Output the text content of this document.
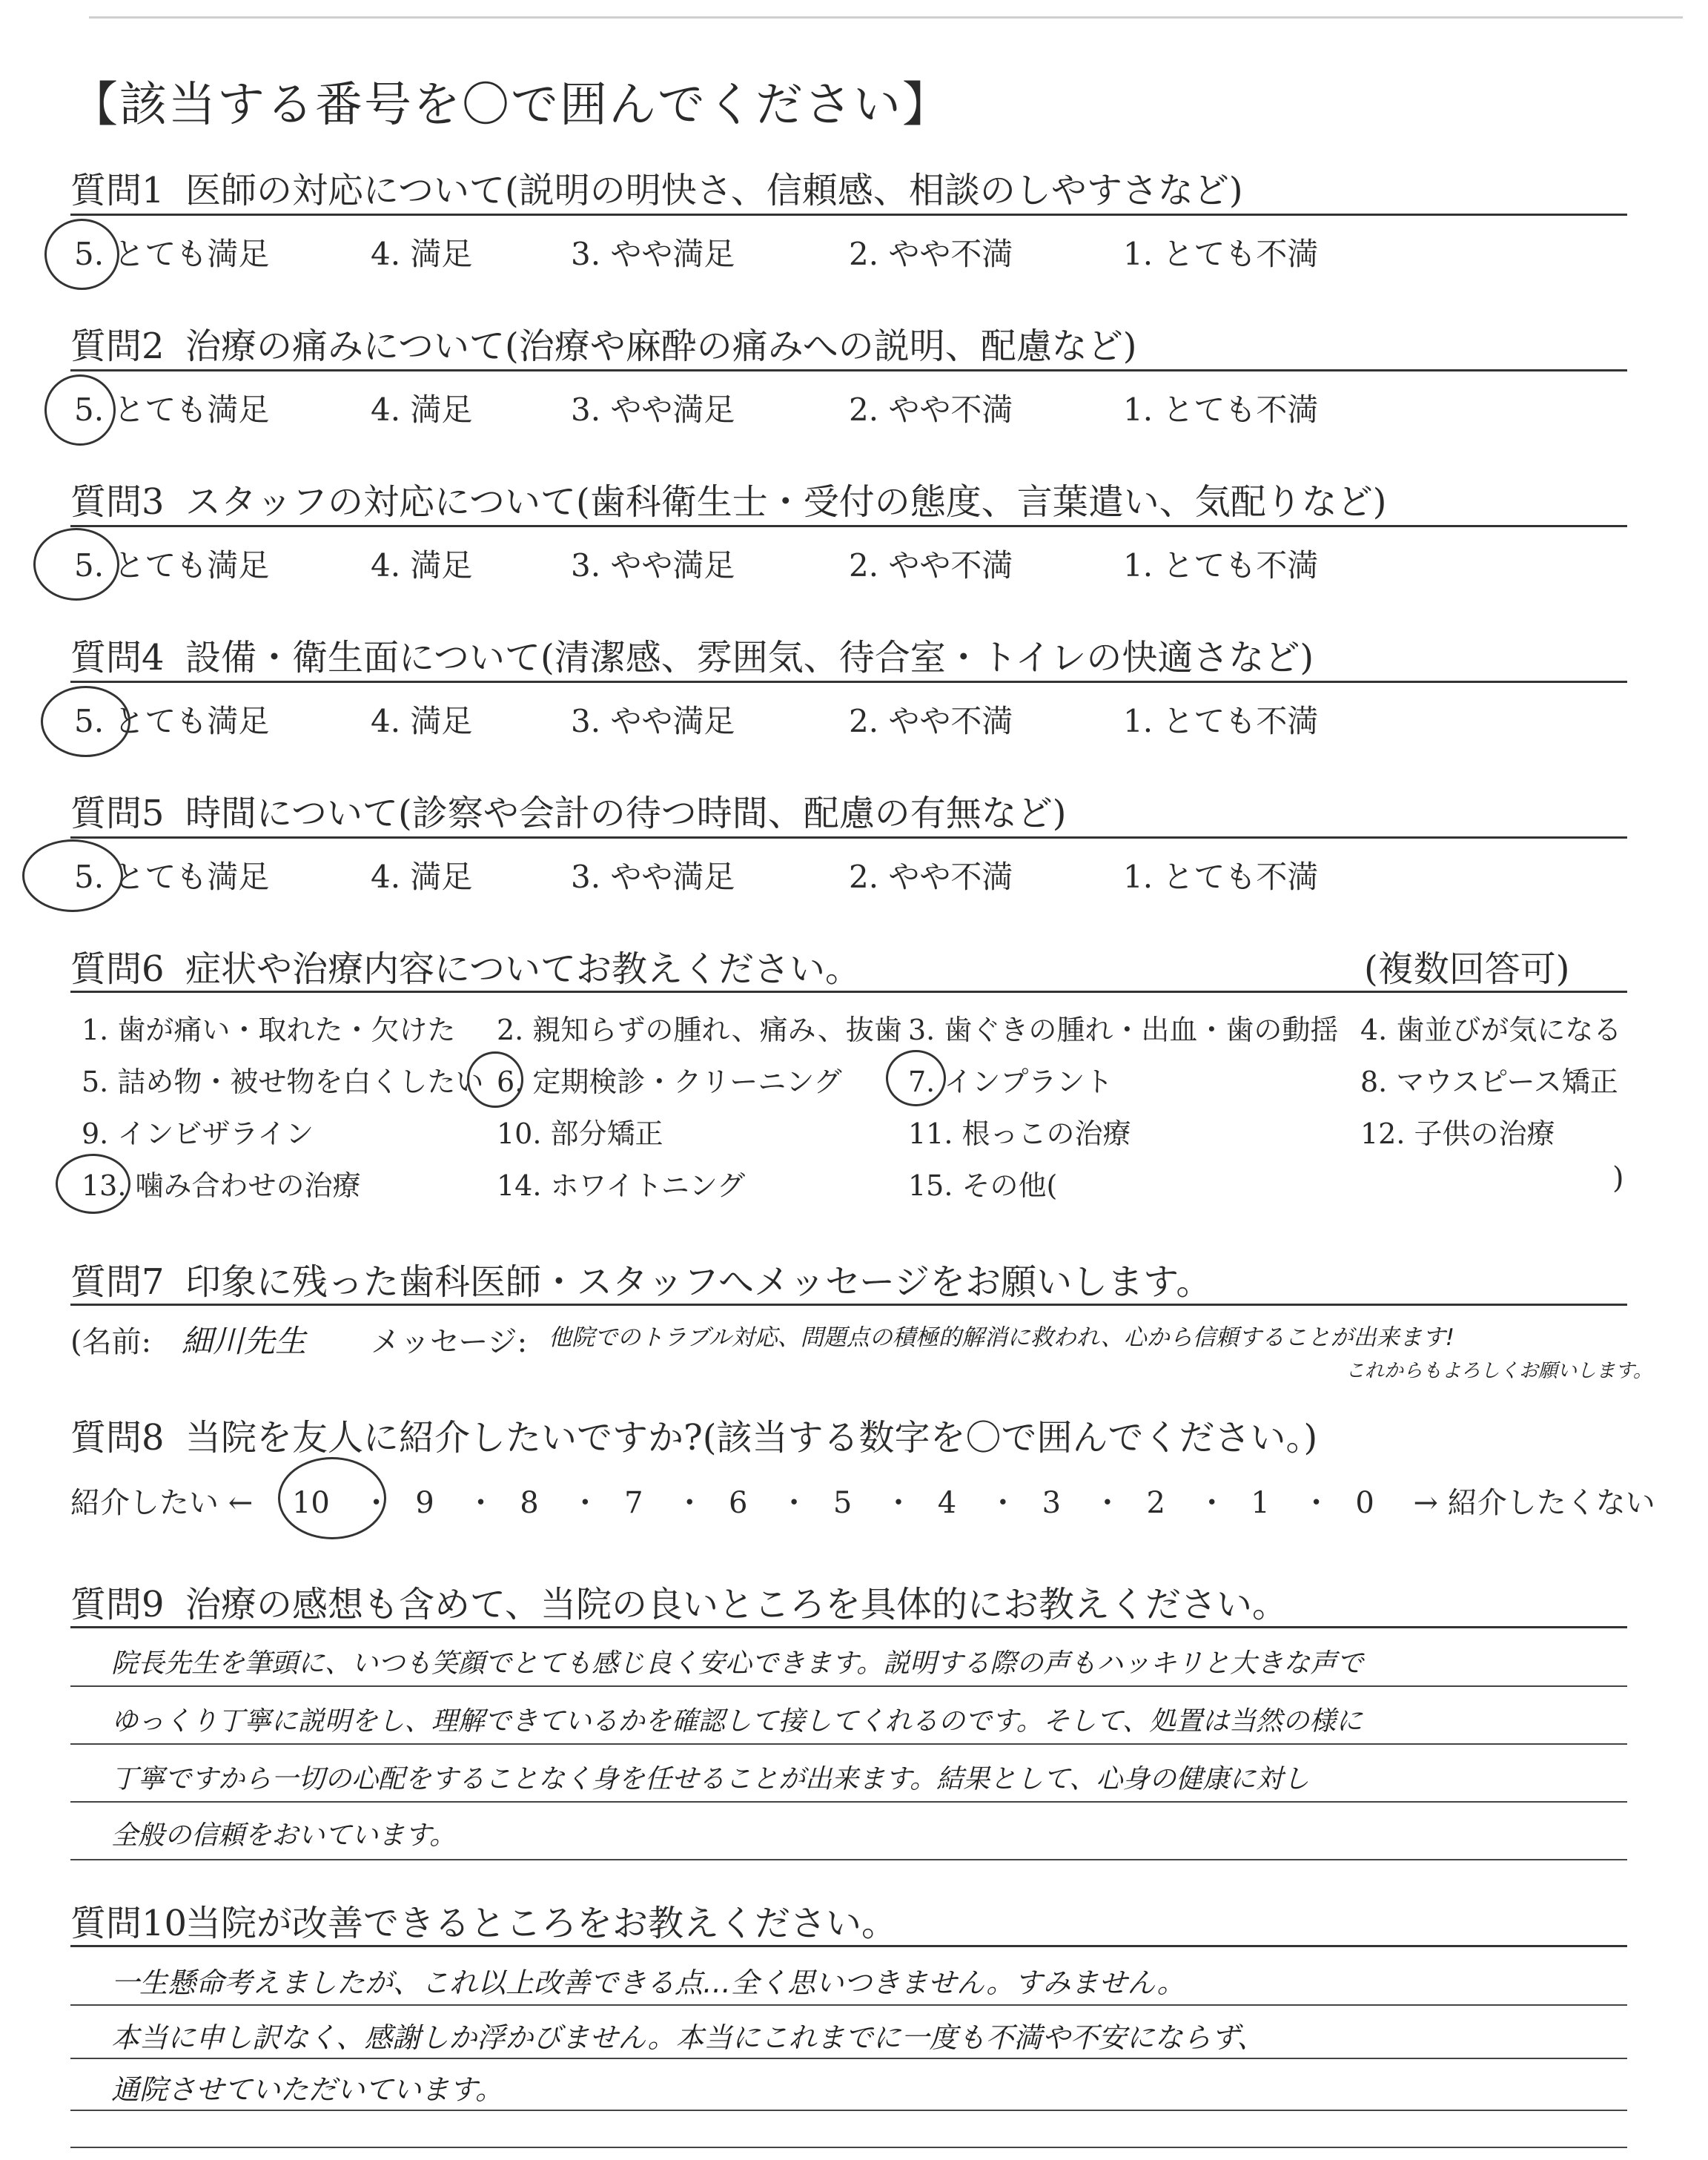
【該当する番号を〇で囲んでください】
質問1 医師の対応について(説明の明快さ、信頼感、相談のしやすさなど)
5. とても満足	4. 満足	3. やや満足	2. やや不満	1. とても不満
質問2 治療の痛みについて(治療や麻酔の痛みへの説明、配慮など)
5. とても満足	4. 満足	3. やや満足	2. やや不満	1. とても不満
質問3 スタッフの対応について(歯科衛生士・受付の態度、言葉遣い、気配りなど)
5. とても満足	4. 満足	3. やや満足	2. やや不満	1. とても不満
質問4 設備・衛生面について(清潔感、雰囲気、待合室・トイレの快適さなど)
5. とても満足	4. 満足	3. やや満足	2. やや不満	1. とても不満
質問5 時間について(診察や会計の待つ時間、配慮の有無など)
5. とても満足	4. 満足	3. やや満足	2. やや不満	1. とても不満
質問6 症状や治療内容についてお教えください。	(複数回答可)
1. 歯が痛い・取れた・欠けた 2. 親知らずの腫れ、痛み、抜歯 3. 歯ぐきの腫れ・出血・歯の動揺 4. 歯並びが気になる
5. 詰め物・被せ物を白くしたい 6. 定期検診・クリーニング 7. インプラント	8. マウスピース矯正
9. インビザライン	10. 部分矯正	11. 根っこの治療	12. 子供の治療
13. 噛み合わせの治療	14. ホワイトニング	15. その他(	)
質問7 印象に残った歯科医師・スタッフへメッセージをお願いします。
(名前: 細川先生 メッセージ: 他院でのトラブル対応、問題点の積極的解消に救われ、心から信頼することが出来ます!
これからもよろしくお願いします。
質問8 当院を友人に紹介したいですか?(該当する数字を〇で囲んでください。)
紹介したい ← 10 ・ 9 ・ 8 ・ 7 ・ 6 ・ 5 ・ 4 ・ 3 ・ 2 ・ 1 ・ 0 → 紹介したくない
質問9 治療の感想も含めて、当院の良いところを具体的にお教えください。
院長先生を筆頭に、いつも笑顔でとても感じ良く安心できます。説明する際の声もハッキリと大きな声で
ゆっくり丁寧に説明をし、理解できているかを確認して接してくれるのです。そして、処置は当然の様に
丁寧ですから一切の心配をすることなく身を任せることが出来ます。結果として、心身の健康に対し
全般の信頼をおいています。
質問10当院が改善できるところをお教えください。
一生懸命考えましたが、これ以上改善できる点…全く思いつきません。すみません。
本当に申し訳なく、感謝しか浮かびません。本当にこれまでに一度も不満や不安にならず、
通院させていただいています。
